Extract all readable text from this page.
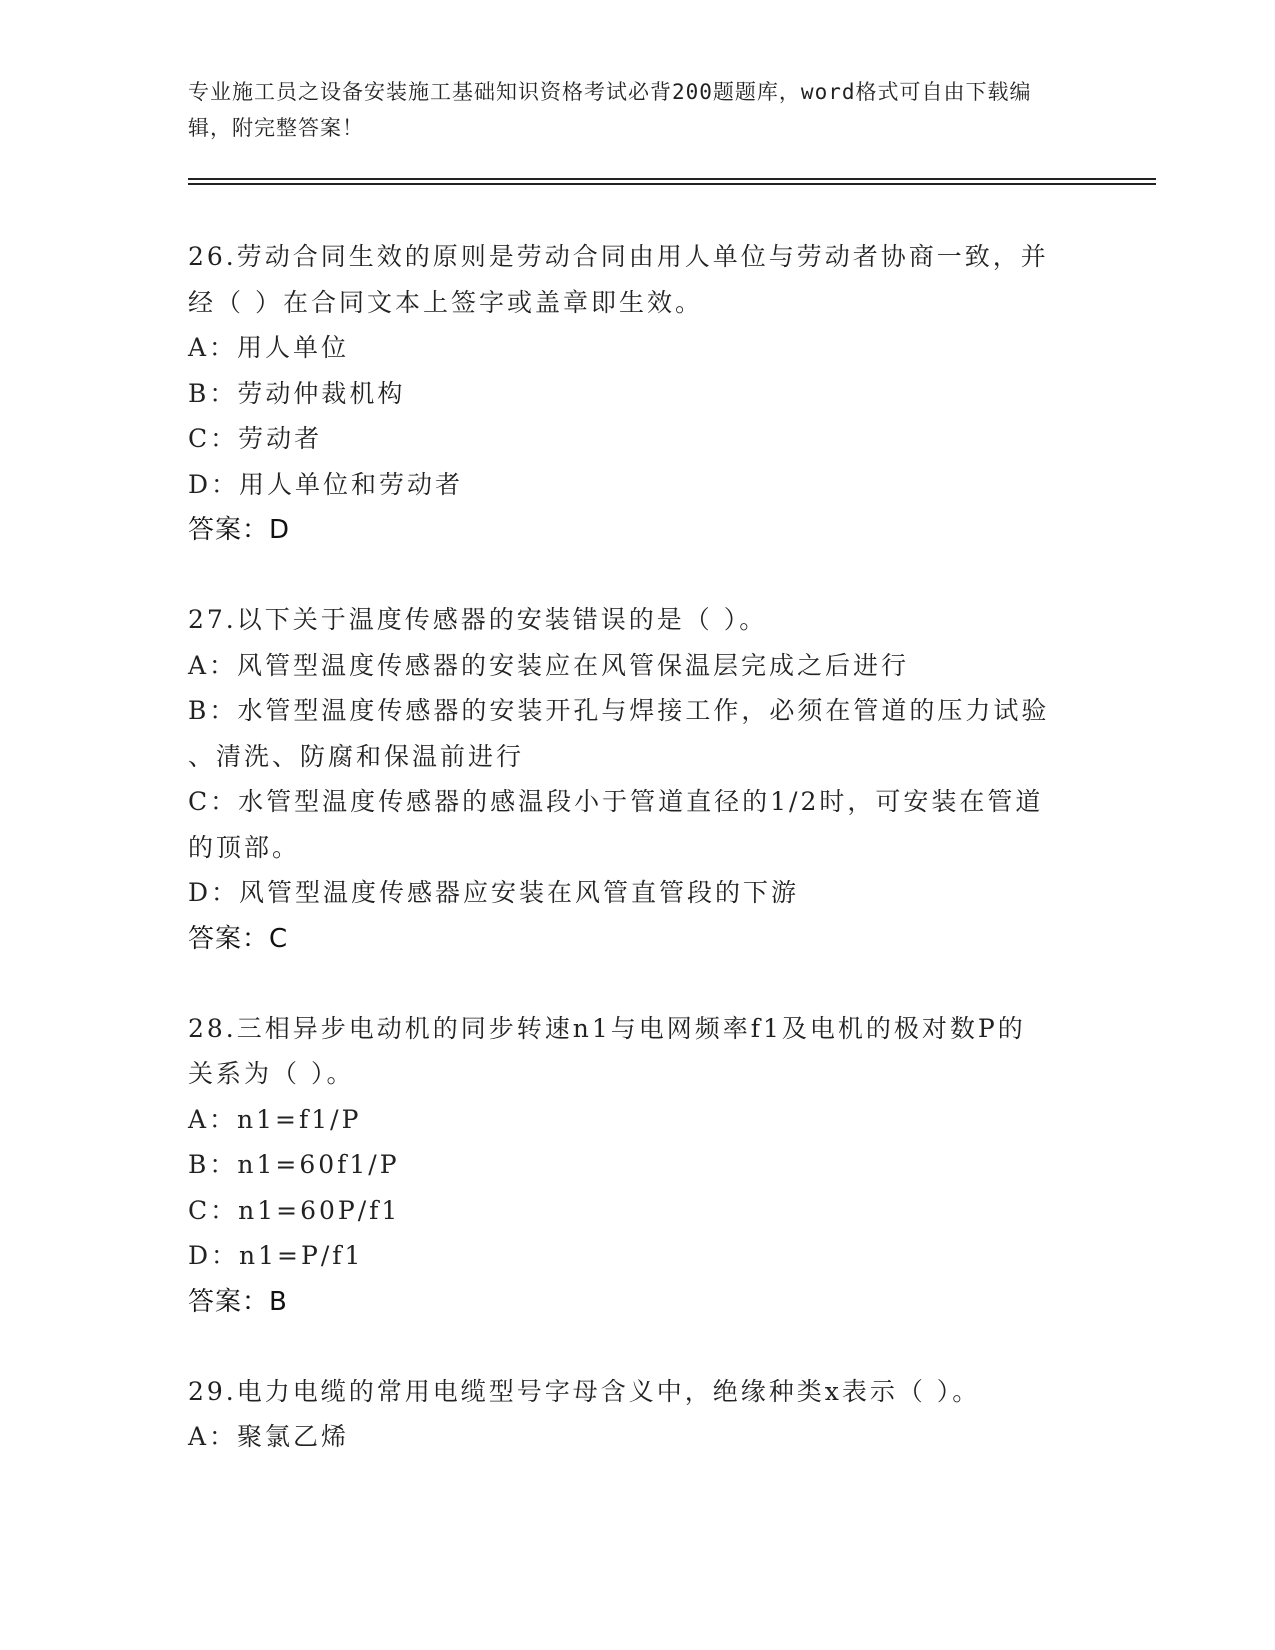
专业施工员之设备安装施工基础知识资格考试必背200题题库，word格式可自由下载编辑，附完整答案！
26.劳动合同生效的原则是劳动合同由用人单位与劳动者协商一致，并
经（ ）在合同文本上签字或盖章即生效。
A：用人单位
B：劳动仲裁机构
C：劳动者
D：用人单位和劳动者
答案：D
27.以下关于温度传感器的安装错误的是（ ）。
A：风管型温度传感器的安装应在风管保温层完成之后进行
B：水管型温度传感器的安装开孔与焊接工作，必须在管道的压力试验
、清洗、防腐和保温前进行
C：水管型温度传感器的感温段小于管道直径的1/2时，可安装在管道
的顶部。
D：风管型温度传感器应安装在风管直管段的下游
答案：C
28.三相异步电动机的同步转速n1与电网频率f1及电机的极对数P的
关系为（ ）。
A：n1=f1/P
B：n1=60f1/P
C：n1=60P/f1
D：n1=P/f1
答案：B
29.电力电缆的常用电缆型号字母含义中，绝缘种类x表示（ ）。
A：聚氯乙烯
